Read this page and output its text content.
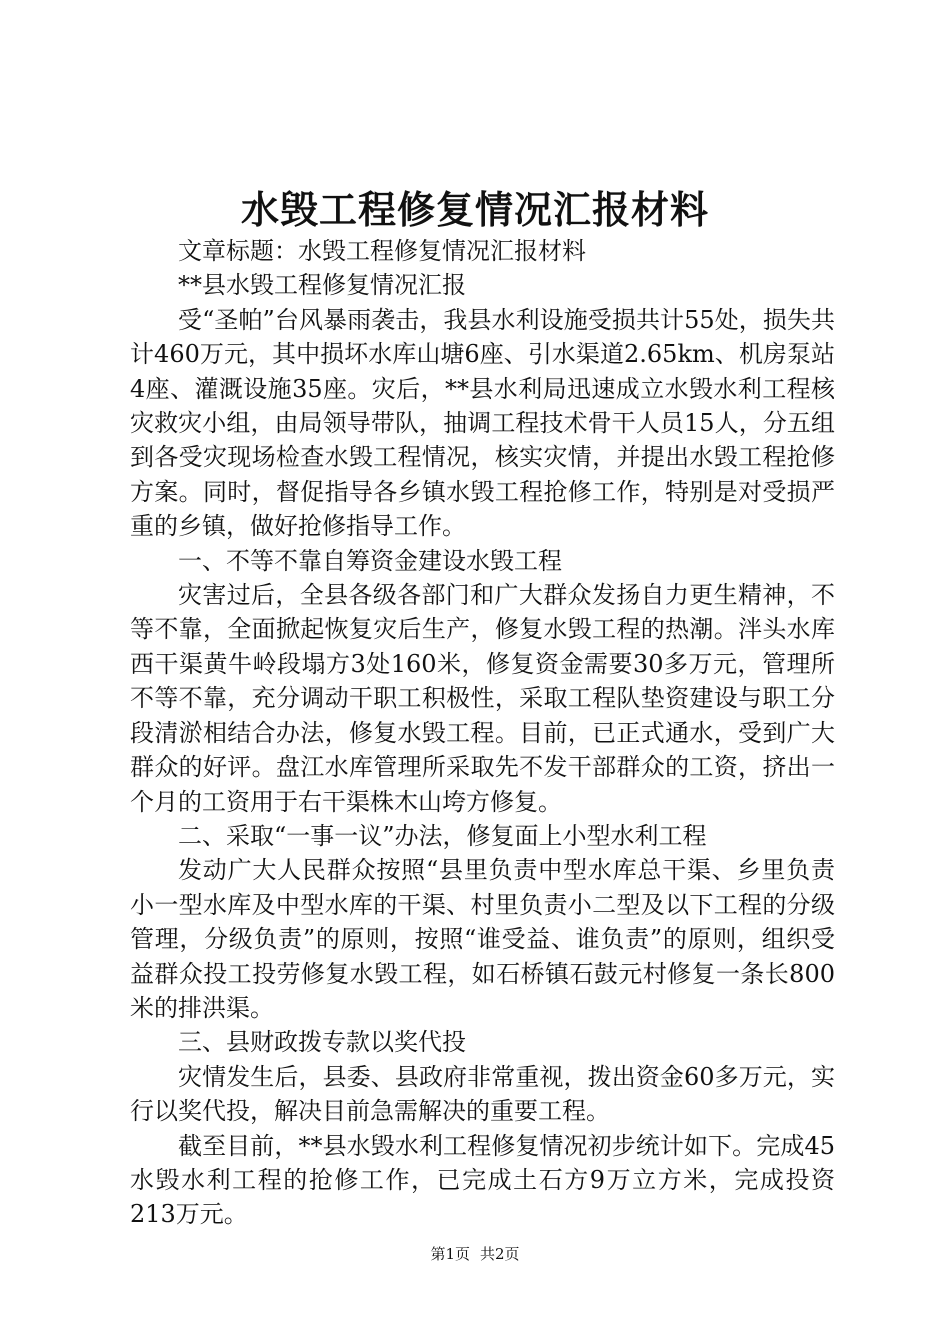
水毁工程修复情况汇报材料

文章标题：水毁工程修复情况汇报材料

**县水毁工程修复情况汇报

受“圣帕”台风暴雨袭击，我县水利设施受损共计55处，损失共计460万元，其中损坏水库山塘6座、引水渠道2.65km、机房泵站4座、灌溉设施35座。灾后，**县水利局迅速成立水毁水利工程核灾救灾小组，由局领导带队，抽调工程技术骨干人员15人，分五组到各受灾现场检查水毁工程情况，核实灾情，并提出水毁工程抢修方案。同时，督促指导各乡镇水毁工程抢修工作，特别是对受损严重的乡镇，做好抢修指导工作。

一、不等不靠自筹资金建设水毁工程

灾害过后，全县各级各部门和广大群众发扬自力更生精神，不等不靠，全面掀起恢复灾后生产，修复水毁工程的热潮。泮头水库西干渠黄牛岭段塌方3处160米，修复资金需要30多万元，管理所不等不靠，充分调动干职工积极性，采取工程队垫资建设与职工分段清淤相结合办法，修复水毁工程。目前，已正式通水，受到广大群众的好评。盘江水库管理所采取先不发干部群众的工资，挤出一个月的工资用于右干渠株木山垮方修复。

二、采取“一事一议”办法，修复面上小型水利工程

发动广大人民群众按照“县里负责中型水库总干渠、乡里负责小一型水库及中型水库的干渠、村里负责小二型及以下工程的分级管理，分级负责”的原则，按照“谁受益、谁负责”的原则，组织受益群众投工投劳修复水毁工程，如石桥镇石鼓元村修复一条长800米的排洪渠。

三、县财政拨专款以奖代投

灾情发生后，县委、县政府非常重视，拨出资金60多万元，实行以奖代投，解决目前急需解决的重要工程。

截至目前，**县水毁水利工程修复情况初步统计如下。完成45水毁水利工程的抢修工作，已完成土石方9万立方米，完成投资213万元。

第1页 共2页
